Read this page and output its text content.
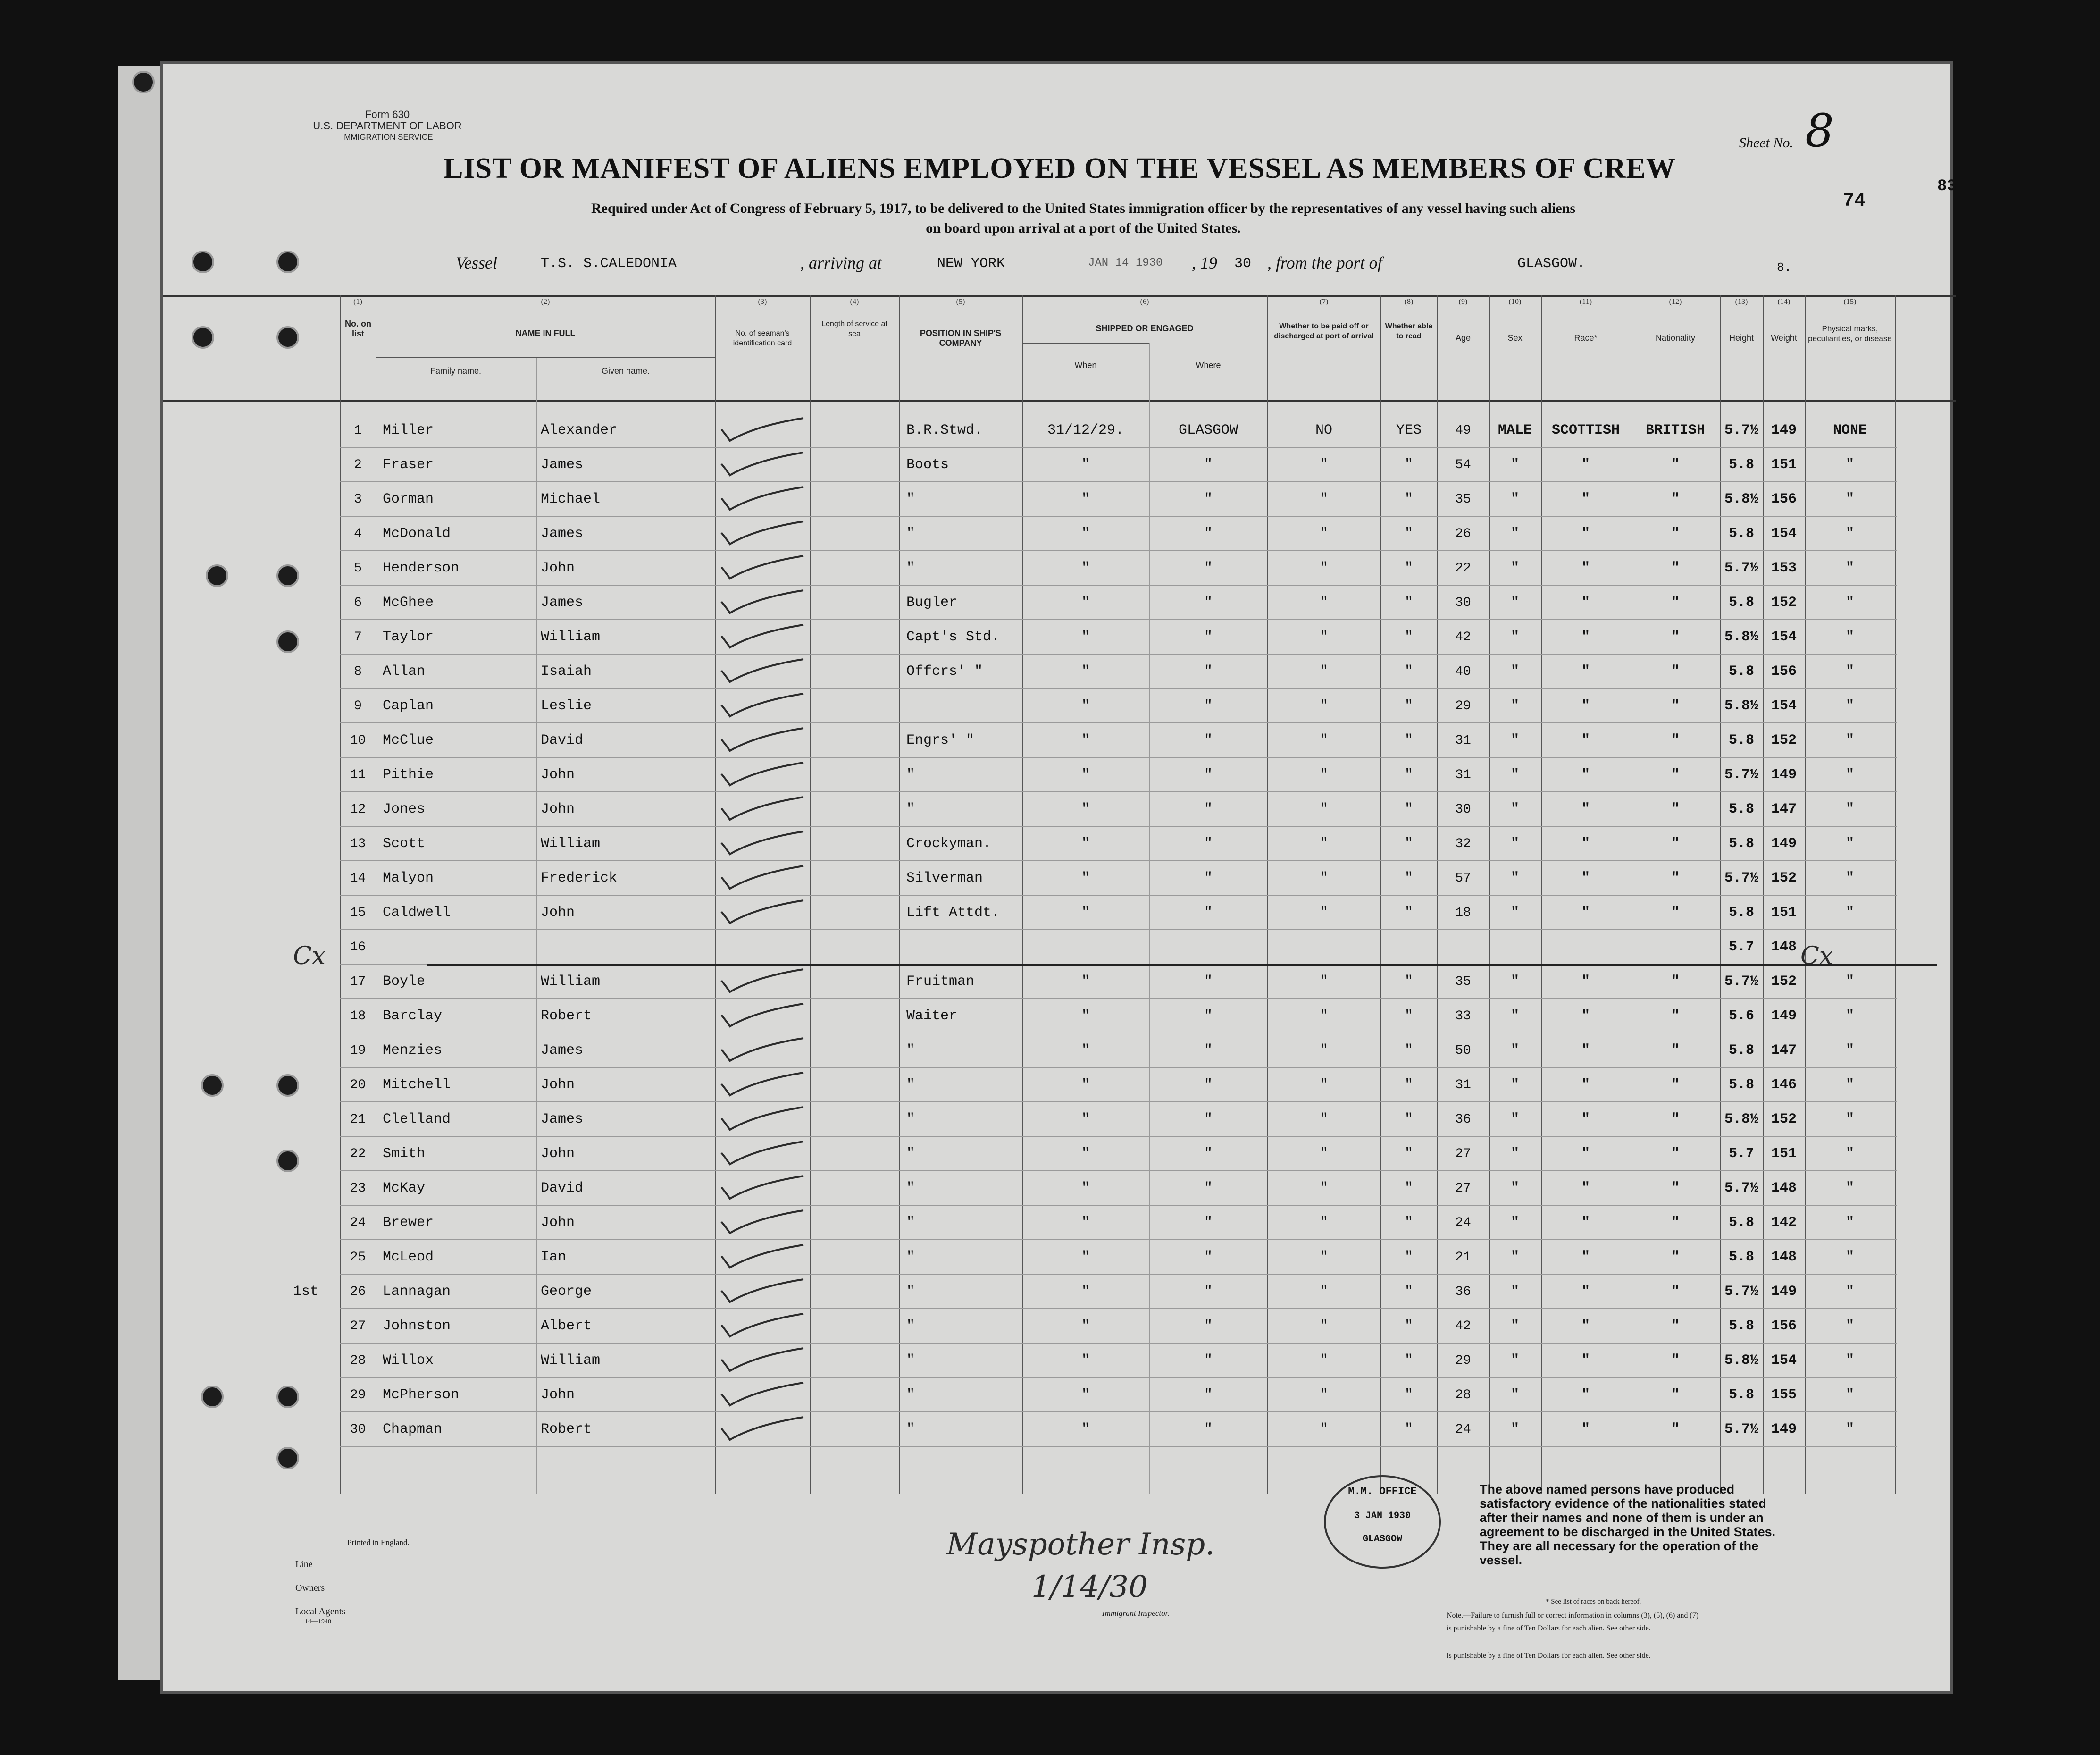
Form 630
U.S. DEPARTMENT OF LABOR
IMMIGRATION SERVICE	Sheet No. 8
74
83
LIST OR MANIFEST OF ALIENS EMPLOYED ON THE VESSEL AS MEMBERS OF CREW
Required under Act of Congress of February 5, 1917, to be delivered to the United States immigration officer by the representatives of any vessel having such aliens
on board upon arrival at a port of the United States.
Vessel	T.S. S.CALEDONIA	, arriving at	NEW YORK	JAN 14 1930 , 19 30 , from the port of	GLASGOW.	8.
(1)	(2)	(3)	(4)	(5)	(6)	(7)	(8)	(9)	(10)	(11)	(12)	(13)	(14)	(15)
No. on list	NAME IN FULL
Family name.	Given name.
No. of seaman's identification card
Length of service at sea	POSITION IN SHIP'S COMPANY
SHIPPED OR ENGAGED
When	Where
Whether to be paid off or discharged at port of arrival
Whether able to read	Age	Sex	Race*	Nationality	Height	Weight
Physical marks, peculiarities, or disease
1	Miller	Alexander	B.R.Stwd.	31/12/29.	GLASGOW	NO	YES	49	MALE	SCOTTISH	BRITISH	5.7½ 149	NONE
2	Fraser	James	Boots	"	"	"	"	54	"	"	"	5.8	151	"
3	Gorman	Michael	"	"	"	"	"	35	"	"	"	5.8½ 156	"
4	McDonald	James	"	"	"	"	"	26	"	"	"	5.8	154	"
5	Henderson	John	"	"	"	"	"	22	"	"	"	5.7½ 153	"
6	McGhee	James	Bugler	"	"	"	"	30	"	"	"	5.8	152	"
7	Taylor	William	Capt's Std.	"	"	"	"	42	"	"	"	5.8½ 154	"
8	Allan	Isaiah	Offcrs' "	"	"	"	"	40	"	"	"	5.8	156	"
9	Caplan	Leslie	"	"	"	"	29	"	"	"	5.8½ 154	"
10	McClue	David	Engrs' "	"	"	"	"	31	"	"	"	5.8	152	"
11	Pithie	John	"	"	"	"	"	31	"	"	"	5.7½ 149	"
12	Jones	John	"	"	"	"	"	30	"	"	"	5.8	147	"
13	Scott	William	Crockyman.	"	"	"	"	32	"	"	"	5.8	149	"
14	Malyon	Frederick	Silverman	"	"	"	"	57	"	"	"	5.7½ 152	"
15	Caldwell	John	Lift Attdt.	"	"	"	"	18	"	"	"	5.8	151	"
16	5.7	148
17	Boyle	William	Fruitman	"	"	"	"	35	"	"	"	5.7½ 152	"
18	Barclay	Robert	Waiter	"	"	"	"	33	"	"	"	5.6	149	"
19	Menzies	James	"	"	"	"	"	50	"	"	"	5.8	147	"
20	Mitchell	John	"	"	"	"	"	31	"	"	"	5.8	146	"
21	Clelland	James	"	"	"	"	"	36	"	"	"	5.8½ 152	"
22	Smith	John	"	"	"	"	"	27	"	"	"	5.7	151	"
23	McKay	David	"	"	"	"	"	27	"	"	"	5.7½ 148	"
24	Brewer	John	"	"	"	"	"	24	"	"	"	5.8	142	"
25	McLeod	Ian	"	"	"	"	"	21	"	"	"	5.8	148	"
1st	26	Lannagan	George	"	"	"	"	"	36	"	"	"	5.7½ 149	"
27	Johnston	Albert	"	"	"	"	"	42	"	"	"	5.8	156	"
28	Willox	William	"	"	"	"	"	29	"	"	"	5.8½ 154	"
29	McPherson	John	"	"	"	"	"	28	"	"	"	5.8	155	"
30	Chapman	Robert	"	"	"	"	"	24	"	"	"	5.7½ 149	"
Cx	Cx
Printed in England.
Line
Owners
Local Agents
14—1940
Mayspother Insp.
1/14/30
Immigrant Inspector.
M.M. OFFICE
3 JAN 1930
GLASGOW
The above named persons have produced satisfactory evidence of the nationalities stated after their names and none of them is under an agreement to be discharged in the United States. They are all necessary for the operation of the vessel.
* See list of races on back hereof.
Note.—Failure to furnish full or correct information in columns (3), (5), (6) and (7)
is punishable by a fine of Ten Dollars for each alien. See other side.
is punishable by a fine of Ten Dollars for each alien. See other side.
